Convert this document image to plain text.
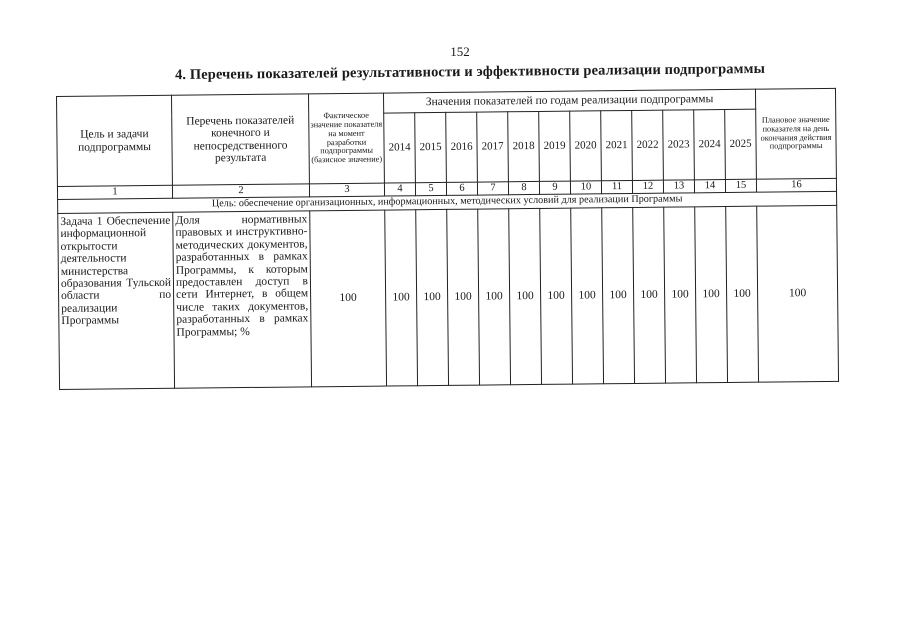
152
4. Перечень показателей результативности и эффективности реализации подпрограммы
Цель и задачи подпрограммы	Перечень показателей конечного и непосредственного результата	Фактическое значение показателя на момент разработки подпрограммы (базисное значение)	Значения показателей по годам реализации подпрограммы												Плановое значение показателя на день окончания действия подпрограммы
			2014	2015	2016	2017	2018	2019	2020	2021	2022	2023	2024	2025	
1	2	3	4	5	6	7	8	9	10	11	12	13	14	15	16
Цель: обеспечение организационных, информационных, методических условий для реализации Программы															
Задача 1 Обеспечение информационной открытости деятельности министерства образования Тульской области по реализации Программы	Доля нормативных правовых и инструктивно-методических документов, разработанных в рамках Программы, к которым предоставлен доступ в сети Интернет, в общем числе таких документов, разработанных в рамках Программы; %	100	100	100	100	100	100	100	100	100	100	100	100	100	100
